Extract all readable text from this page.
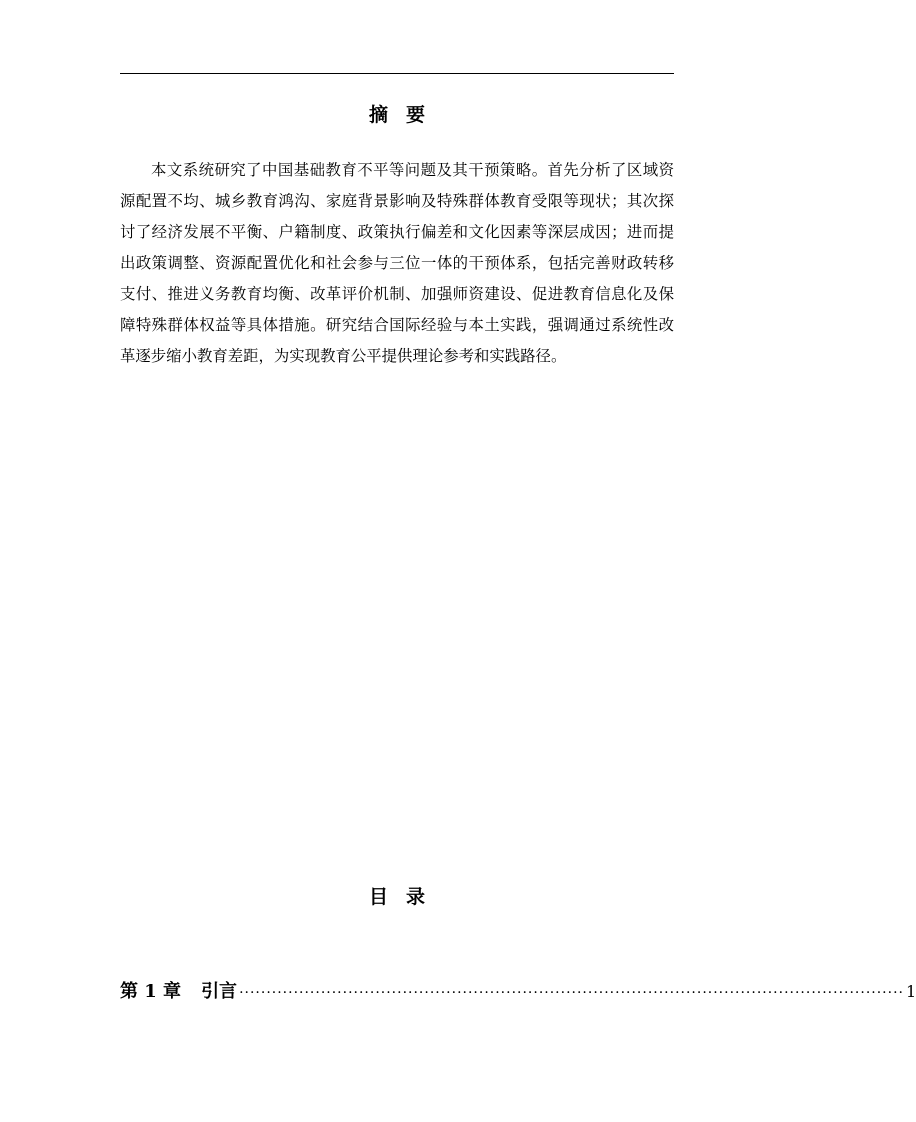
摘要

本文系统研究了中国基础教育不平等问题及其干预策略。首先分析了区域资源配置不均、城乡教育鸿沟、家庭背景影响及特殊群体教育受限等现状；其次探讨了经济发展不平衡、户籍制度、政策执行偏差和文化因素等深层成因；进而提出政策调整、资源配置优化和社会参与三位一体的干预体系，包括完善财政转移支付、推进义务教育均衡、改革评价机制、加强师资建设、促进教育信息化及保障特殊群体权益等具体措施。研究结合国际经验与本土实践，强调通过系统性改革逐步缩小教育差距，为实现教育公平提供理论参考和实践路径。

目录
第 1 章 引言 ·························································································································· 1
